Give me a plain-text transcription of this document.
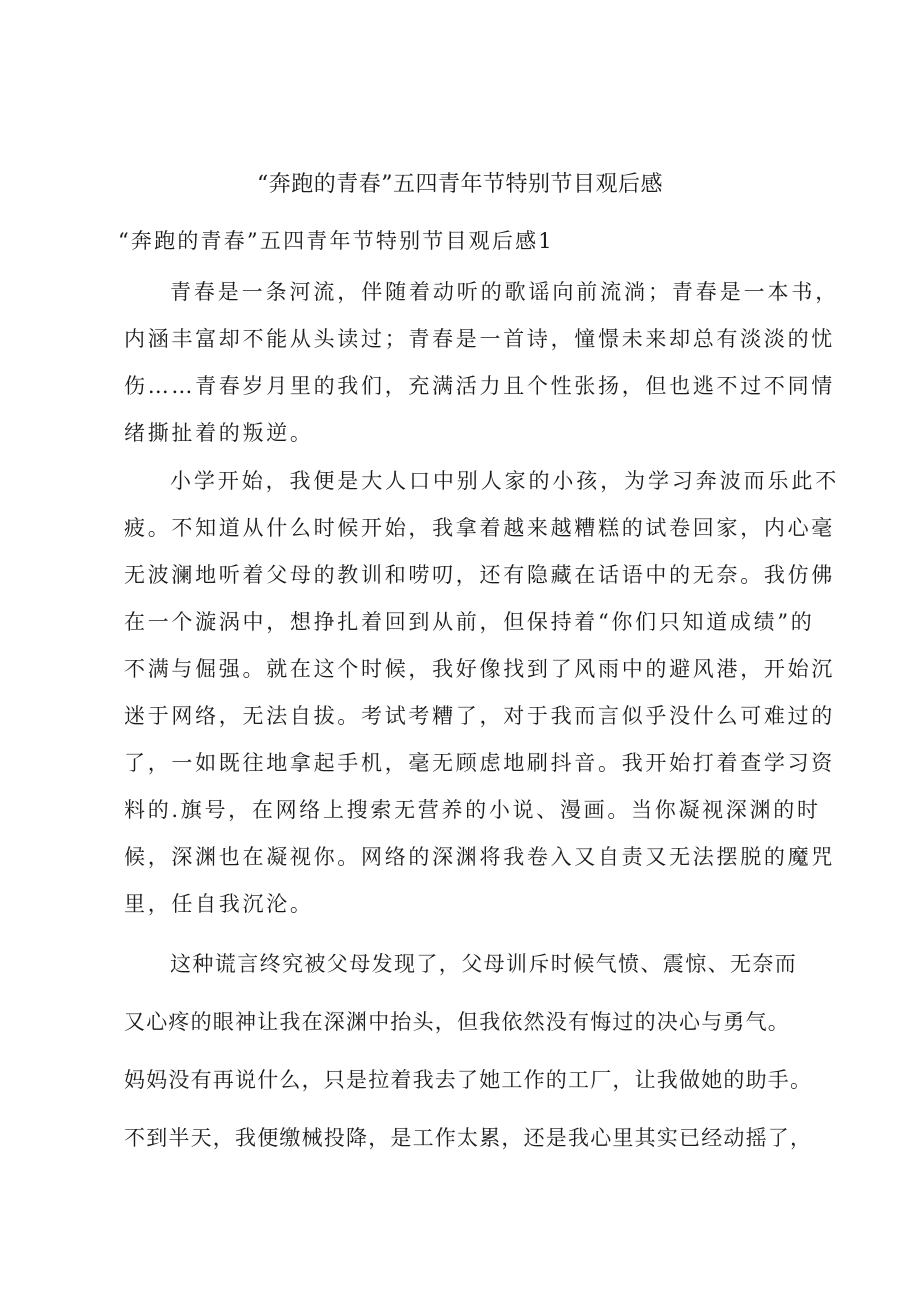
“奔跑的青春”五四青年节特别节目观后感
“奔跑的青春”五四青年节特别节目观后感1
青春是一条河流，伴随着动听的歌谣向前流淌；青春是一本书，
内涵丰富却不能从头读过；青春是一首诗，憧憬未来却总有淡淡的忧
伤……青春岁月里的我们，充满活力且个性张扬，但也逃不过不同情
绪撕扯着的叛逆。
小学开始，我便是大人口中别人家的小孩，为学习奔波而乐此不
疲。不知道从什么时候开始，我拿着越来越糟糕的试卷回家，内心毫
无波澜地听着父母的教训和唠叨，还有隐藏在话语中的无奈。我仿佛
在一个漩涡中，想挣扎着回到从前，但保持着“你们只知道成绩”的
不满与倔强。就在这个时候，我好像找到了风雨中的避风港，开始沉
迷于网络，无法自拔。考试考糟了，对于我而言似乎没什么可难过的
了，一如既往地拿起手机，毫无顾虑地刷抖音。我开始打着查学习资
料的.旗号，在网络上搜索无营养的小说、漫画。当你凝视深渊的时
候，深渊也在凝视你。网络的深渊将我卷入又自责又无法摆脱的魔咒
里，任自我沉沦。
这种谎言终究被父母发现了，父母训斥时候气愤、震惊、无奈而
又心疼的眼神让我在深渊中抬头，但我依然没有悔过的决心与勇气。
妈妈没有再说什么，只是拉着我去了她工作的工厂，让我做她的助手。
不到半天，我便缴械投降，是工作太累，还是我心里其实已经动摇了，
